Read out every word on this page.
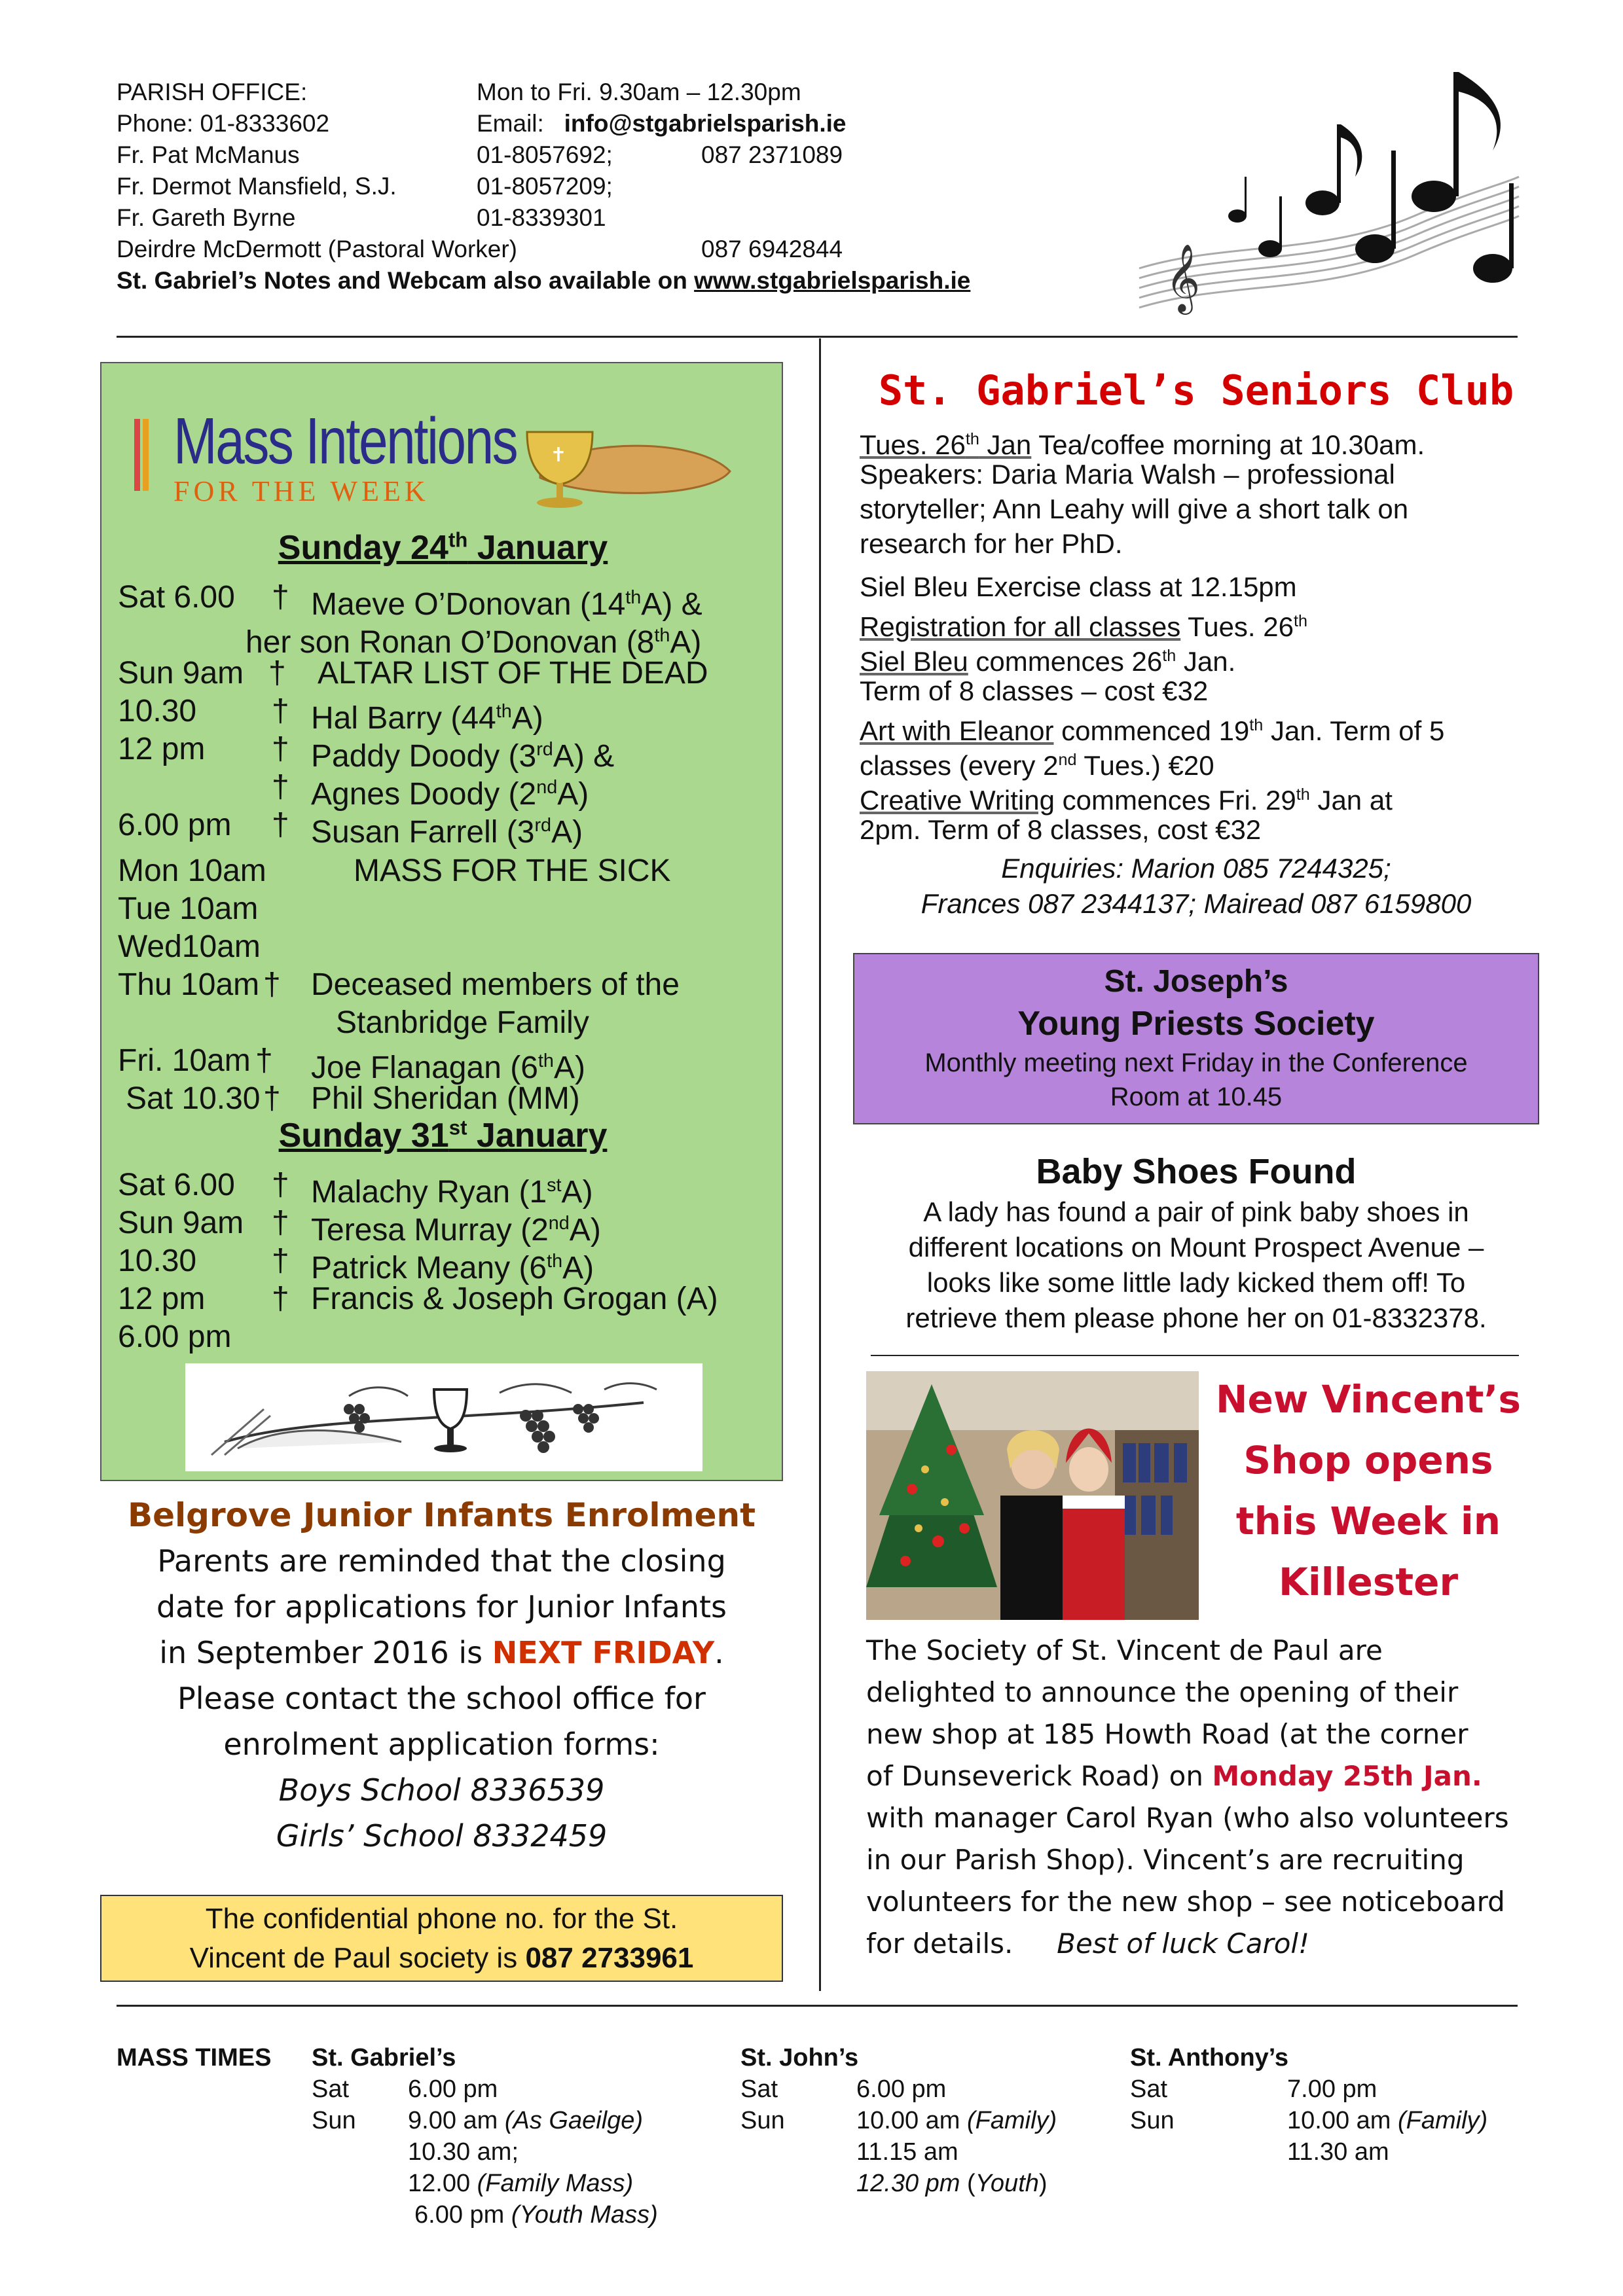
PARISH OFFICE:	Mon to Fri. 9.30am – 12.30pm
Phone: 01-8333602	Email: info@stgabrielsparish.ie
Fr. Pat McManus	01-8057692;	087 2371089
Fr. Dermot Mansfield, S.J.	01-8057209;
Fr. Gareth Byrne	01-8339301
Deirdre McDermott (Pastoral Worker)	087 6942844
St. Gabriel’s Notes and Webcam also available on www.stgabrielsparish.ie	𝄞
✝
Mass Intentions
FOR THE WEEK
Sunday 24th January
Sat 6.00 † Maeve O’Donovan (14thA) &
her son Ronan O’Donovan (8thA)
Sun 9am † ALTAR LIST OF THE DEAD
10.30 † Hal Barry (44thA)
12 pm † Paddy Doody (3rdA) &
† Agnes Doody (2ndA)
6.00 pm † Susan Farrell (3rdA)
Mon 10am	MASS FOR THE SICK
Tue 10am
Wed10am
Thu 10am † Deceased members of the
Stanbridge Family
Fri. 10am † Joe Flanagan (6thA)
Sat 10.30 † Phil Sheridan (MM)
Sunday 31st January
Sat 6.00 † Malachy Ryan (1stA)
Sun 9am † Teresa Murray (2ndA)
10.30 † Patrick Meany (6thA)
12 pm † Francis & Joseph Grogan (A)
6.00 pm
Belgrove Junior Infants Enrolment
Parents are reminded that the closing
date for applications for Junior Infants
in September 2016 is NEXT FRIDAY.
Please contact the school office for
enrolment application forms:
Boys School 8336539
Girls’ School 8332459
The confidential phone no. for the St.
Vincent de Paul society is 087 2733961
St. Gabriel’s Seniors Club
Tues. 26th Jan Tea/coffee morning at 10.30am.
Speakers: Daria Maria Walsh – professional
storyteller; Ann Leahy will give a short talk on
research for her PhD.
Siel Bleu Exercise class at 12.15pm
Registration for all classes Tues. 26th
Siel Bleu commences 26th Jan.
Term of 8 classes – cost €32
Art with Eleanor commenced 19th Jan. Term of 5
classes (every 2nd Tues.) €20
Creative Writing commences Fri. 29th Jan at
2pm. Term of 8 classes, cost €32
Enquiries: Marion 085 7244325;
Frances 087 2344137; Mairead 087 6159800
St. Joseph’s
Young Priests Society
Monthly meeting next Friday in the Conference
Room at 10.45
Baby Shoes Found
A lady has found a pair of pink baby shoes in
different locations on Mount Prospect Avenue –
looks like some little lady kicked them off! To
retrieve them please phone her on 01-8332378.
New Vincent’s
Shop opens
this Week in
Killester
The Society of St. Vincent de Paul are
delighted to announce the opening of their
new shop at 185 Howth Road (at the corner
of Dunseverick Road) on Monday 25th Jan.
with manager Carol Ryan (who also volunteers
in our Parish Shop). Vincent’s are recruiting
volunteers for the new shop – see noticeboard
for details.     Best of luck Carol!
MASS TIMES St. Gabriel’s
Sat 6.00 pm
Sun 9.00 am (As Gaeilge)
10.30 am;
12.00 (Family Mass)
6.00 pm (Youth Mass)
St. John’s
Sat	6.00 pm
Sun	10.00 am (Family)
11.15 am
12.30 pm (Youth)
St. Anthony’s
Sat	7.00 pm
Sun	10.00 am (Family)
11.30 am
